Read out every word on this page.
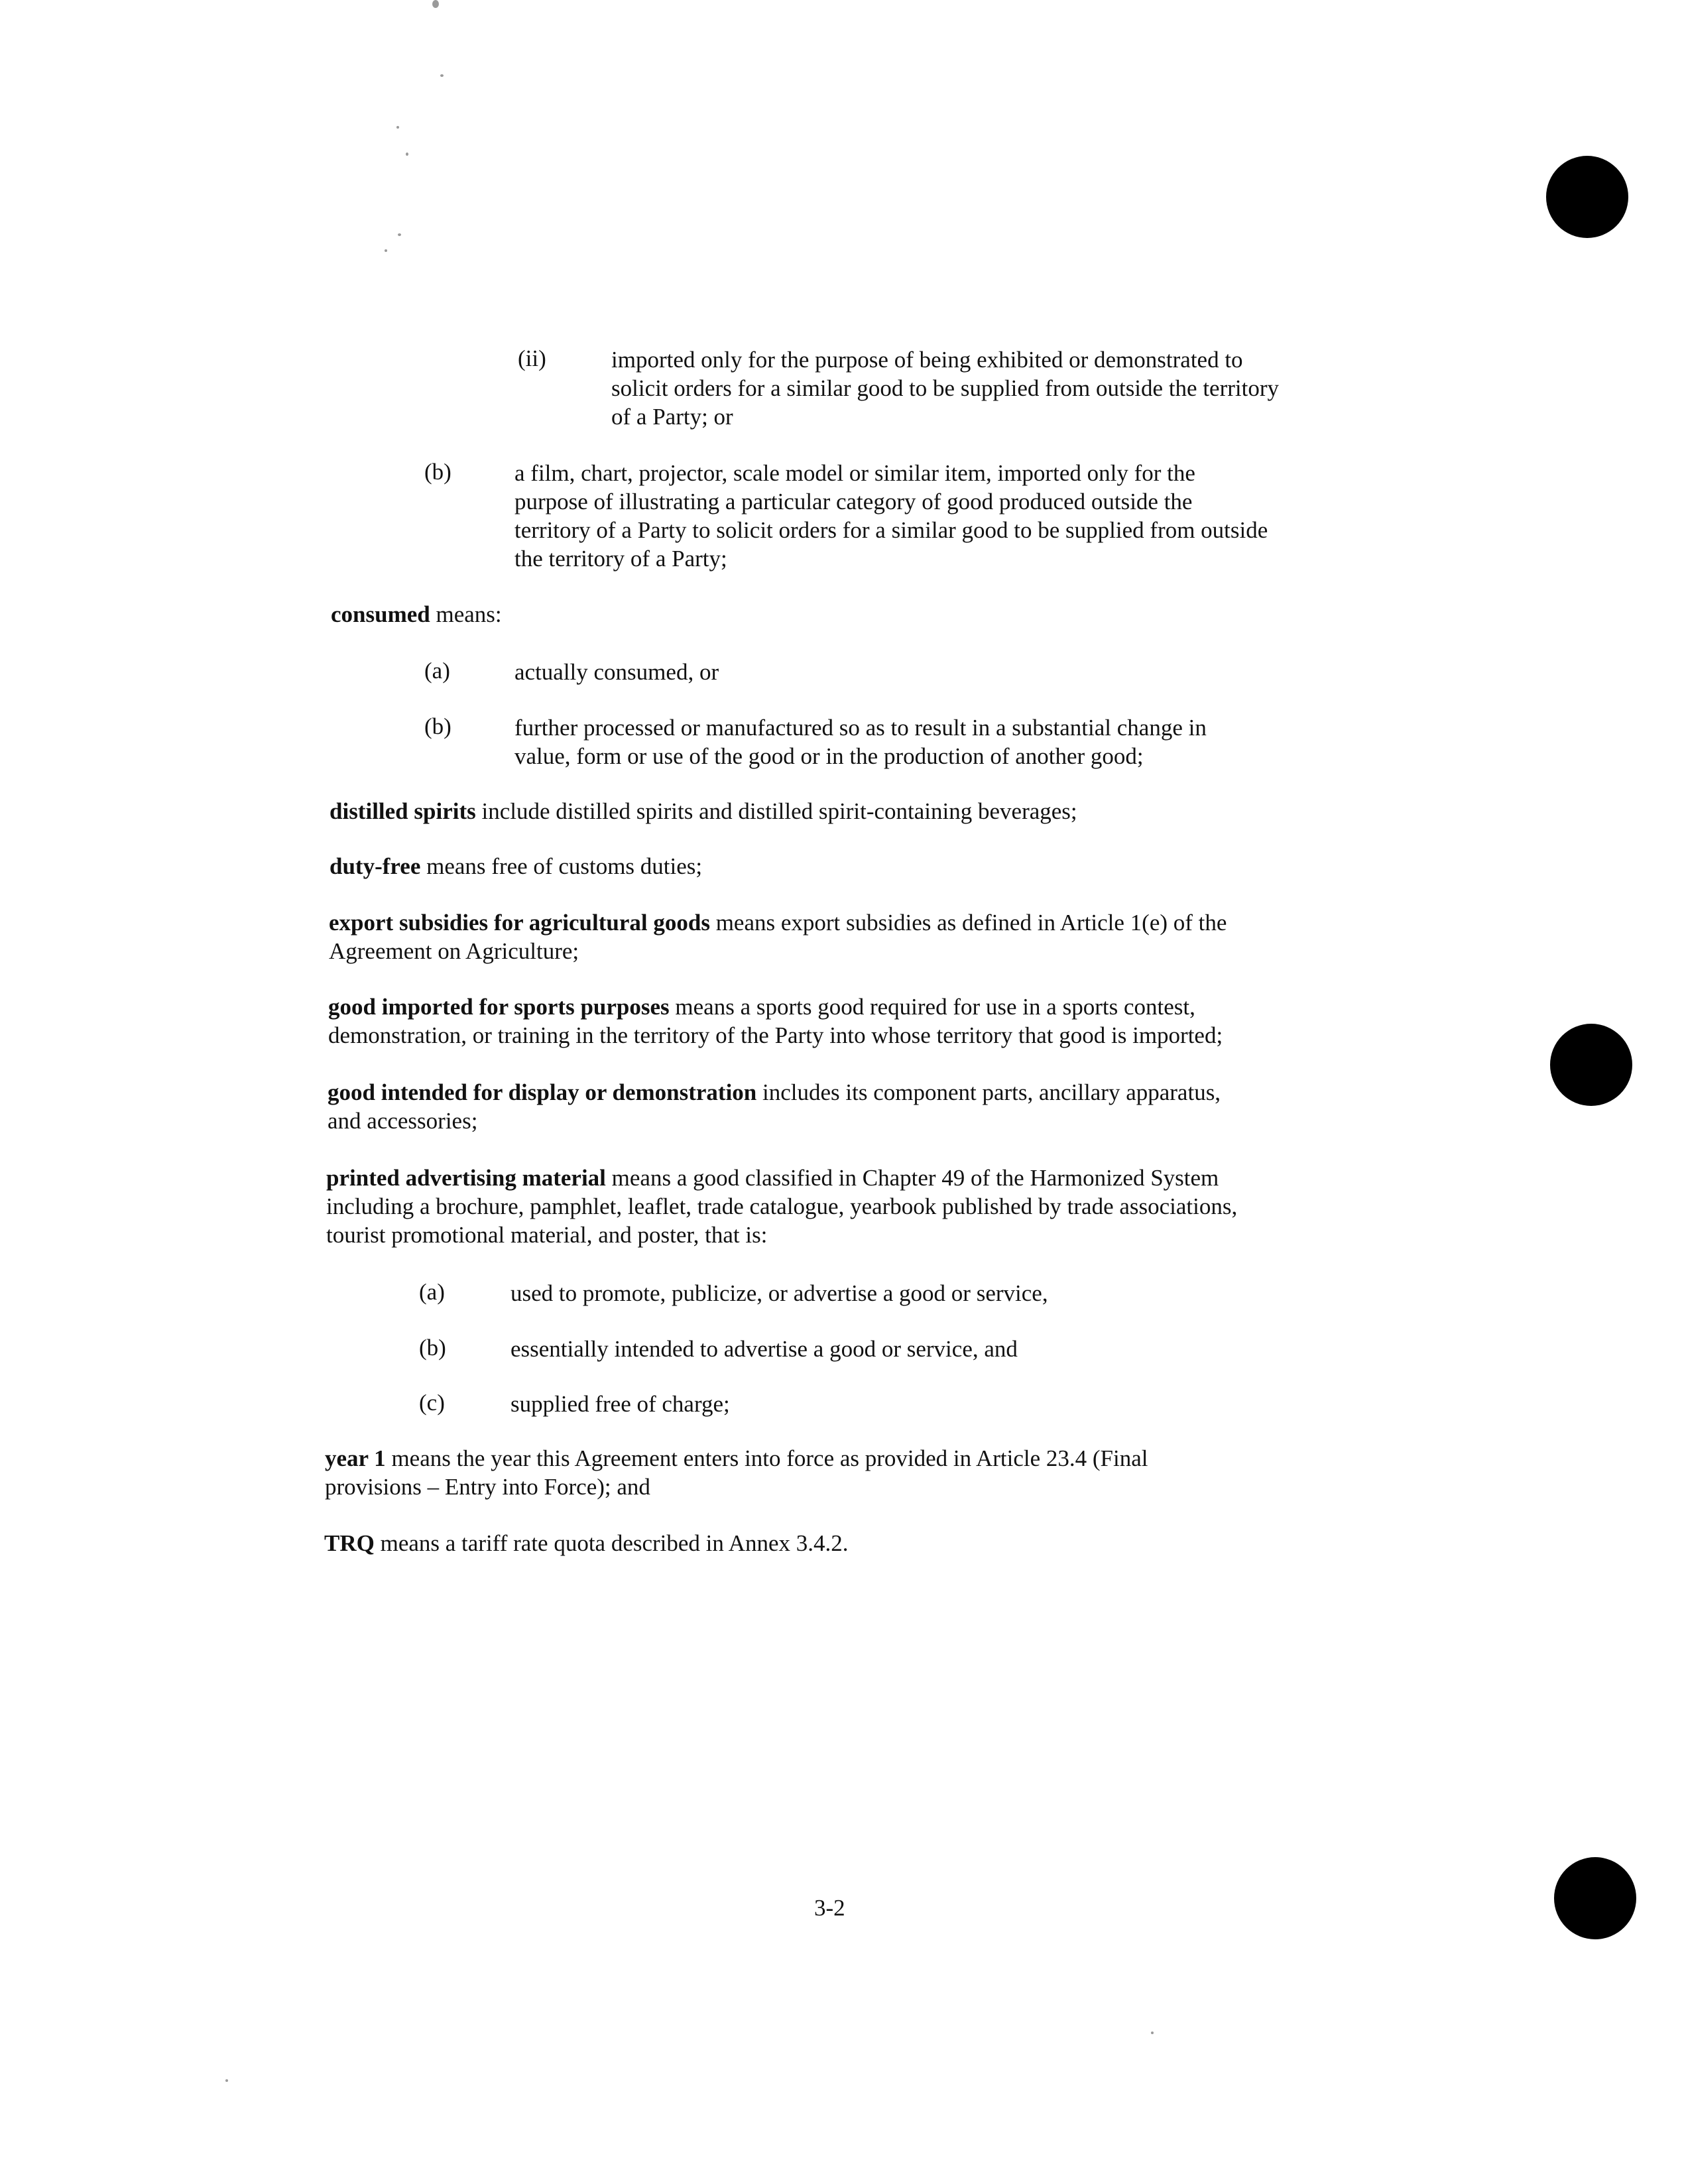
(ii)	imported only for the purpose of being exhibited or demonstrated to
solicit orders for a similar good to be supplied from outside the territory
of a Party; or
(b)	a film, chart, projector, scale model or similar item, imported only for the
purpose of illustrating a particular category of good produced outside the
territory of a Party to solicit orders for a similar good to be supplied from outside
the territory of a Party;
consumed means:
(a)	actually consumed, or
(b)	further processed or manufactured so as to result in a substantial change in
value, form or use of the good or in the production of another good;
distilled spirits include distilled spirits and distilled spirit-containing beverages;
duty-free means free of customs duties;
export subsidies for agricultural goods means export subsidies as defined in Article 1(e) of the
Agreement on Agriculture;
good imported for sports purposes means a sports good required for use in a sports contest,
demonstration, or training in the territory of the Party into whose territory that good is imported;
good intended for display or demonstration includes its component parts, ancillary apparatus,
and accessories;
printed advertising material means a good classified in Chapter 49 of the Harmonized System
including a brochure, pamphlet, leaflet, trade catalogue, yearbook published by trade associations,
tourist promotional material, and poster, that is:
(a)	used to promote, publicize, or advertise a good or service,
(b)	essentially intended to advertise a good or service, and
(c)	supplied free of charge;
year 1 means the year this Agreement enters into force as provided in Article 23.4 (Final
provisions – Entry into Force); and
TRQ means a tariff rate quota described in Annex 3.4.2.
3-2
